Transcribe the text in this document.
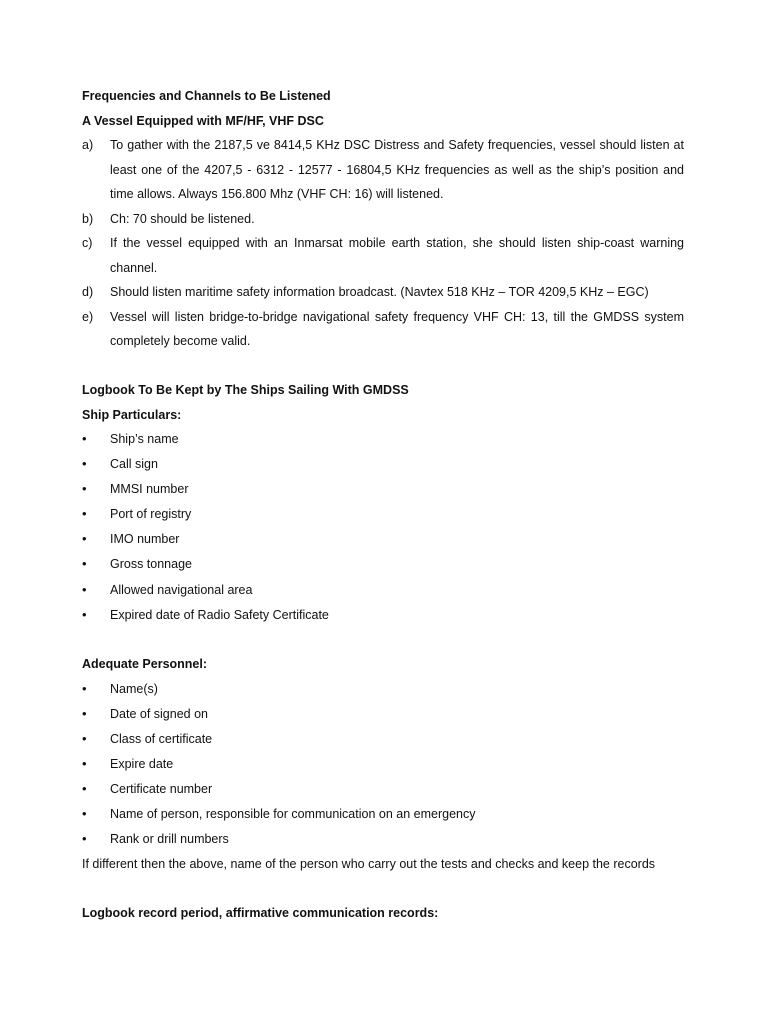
Frequencies and Channels to Be Listened
A Vessel Equipped with MF/HF, VHF DSC
a)	To gather with the 2187,5 ve 8414,5 KHz DSC Distress and Safety frequencies, vessel should listen at least one of the 4207,5 - 6312 - 12577 - 16804,5 KHz frequencies as well as the ship’s position and time allows. Always 156.800 Mhz (VHF CH: 16) will listened.
b)	Ch: 70 should be listened.
c)	If the vessel equipped with an Inmarsat mobile earth station, she should listen ship-coast warning channel.
d)	Should listen maritime safety information broadcast. (Navtex 518 KHz – TOR 4209,5 KHz – EGC)
e)	Vessel will listen bridge-to-bridge navigational safety frequency VHF CH: 13, till the GMDSS system completely become valid.
Logbook To Be Kept by The Ships Sailing With GMDSS
Ship Particulars:
•	Ship’s name
•	Call sign
•	MMSI number
•	Port of registry
•	IMO number
•	Gross tonnage
•	Allowed navigational area
•	Expired date of Radio Safety Certificate
Adequate Personnel:
•	Name(s)
•	Date of signed on
•	Class of certificate
•	Expire date
•	Certificate number
•	Name of person, responsible for communication on an emergency
•	Rank or drill numbers
If different then the above, name of the person who carry out the tests and checks and keep the records
Logbook record period, affirmative communication records:
